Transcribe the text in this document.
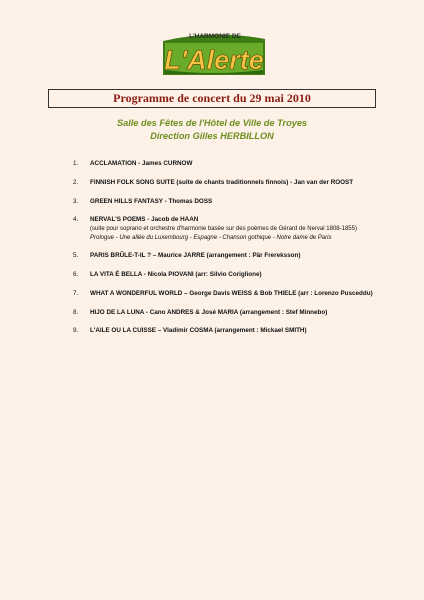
L'HARMONIE DE
L'Alerte
Programme de concert du 29 mai 2010
Salle des Fêtes de l'Hôtel de Ville de Troyes
Direction Gilles HERBILLON
1. ACCLAMATION - James CURNOW
2. FINNISH FOLK SONG SUITE (suite de chants traditionnels finnois) - Jan van der ROOST
3. GREEN HILLS FANTASY - Thomas DOSS
4. NERVAL'S POEMS - Jacob de HAAN
(suite pour soprano et orchestre d'harmonie basée sur des poèmes de Gérard de Nerval 1808-1855)
Prologue - Une allée du Luxembourg - Espagne - Chanson gothique - Notre dame de Paris
5. PARIS BRÛLE-T-IL ? – Maurice JARRE (arrangement : Pär Frereksson)
6. LA VITA É BELLA - Nicola PIOVANI (arr: Silvio Coriglione)
7. WHAT A WONDERFUL WORLD – George Davis WEISS & Bob THIELE (arr : Lorenzo Pusceddu)
8. HIJO DE LA LUNA - Cano ANDRES & José MARIA (arrangement : Stef Minnebo)
9. L'AILE OU LA CUISSE – Vladimir COSMA (arrangement : Mickael SMITH)
